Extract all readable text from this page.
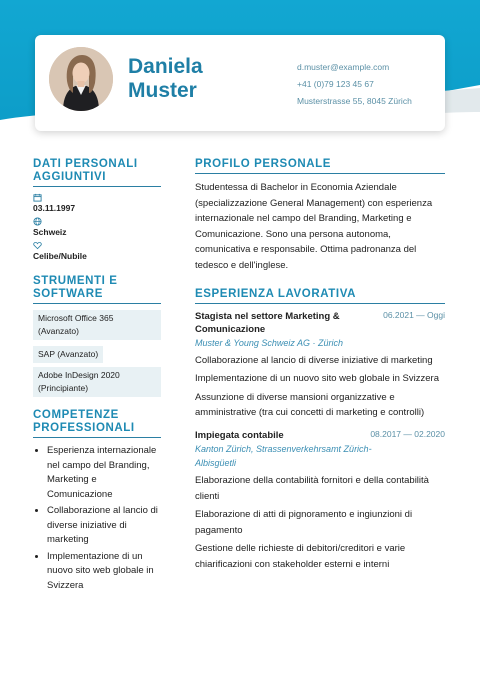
Daniela
Muster
d.muster@example.com
+41 (0)79 123 45 67
Musterstrasse 55, 8045 Zürich
DATI PERSONALI AGGIUNTIVI
03.11.1997
Schweiz
Celibe/Nubile
STRUMENTI E SOFTWARE
Microsoft Office 365 (Avanzato)
SAP (Avanzato)
Adobe InDesign 2020 (Principiante)
COMPETENZE PROFESSIONALI
• Esperienza internazionale nel campo del Branding, Marketing e Comunicazione
• Collaborazione al lancio di diverse iniziative di marketing
• Implementazione di un nuovo sito web globale in Svizzera
PROFILO PERSONALE
Studentessa di Bachelor in Economia Aziendale (specializzazione General Management) con esperienza internazionale nel campo del Branding, Marketing e Comunicazione. Sono una persona autonoma, comunicativa e responsabile. Ottima padronanza del tedesco e dell'inglese.
ESPERIENZA LAVORATIVA
Stagista nel settore Marketing & Comunicazione
06.2021 — Oggi
Muster & Young Schweiz AG · Zürich
Collaborazione al lancio di diverse iniziative di marketing
Implementazione di un nuovo sito web globale in Svizzera
Assunzione di diverse mansioni organizzative e amministrative (tra cui concetti di marketing e controlli)
Impiegata contabile	08.2017 — 02.2020
Kanton Zürich, Strassenverkehrsamt Zürich-Albisgüetli
Elaborazione della contabilità fornitori e della contabilità clienti
Elaborazione di atti di pignoramento e ingiunzioni di pagamento
Gestione delle richieste di debitori/creditori e varie chiarificazioni con stakeholder esterni e interni
